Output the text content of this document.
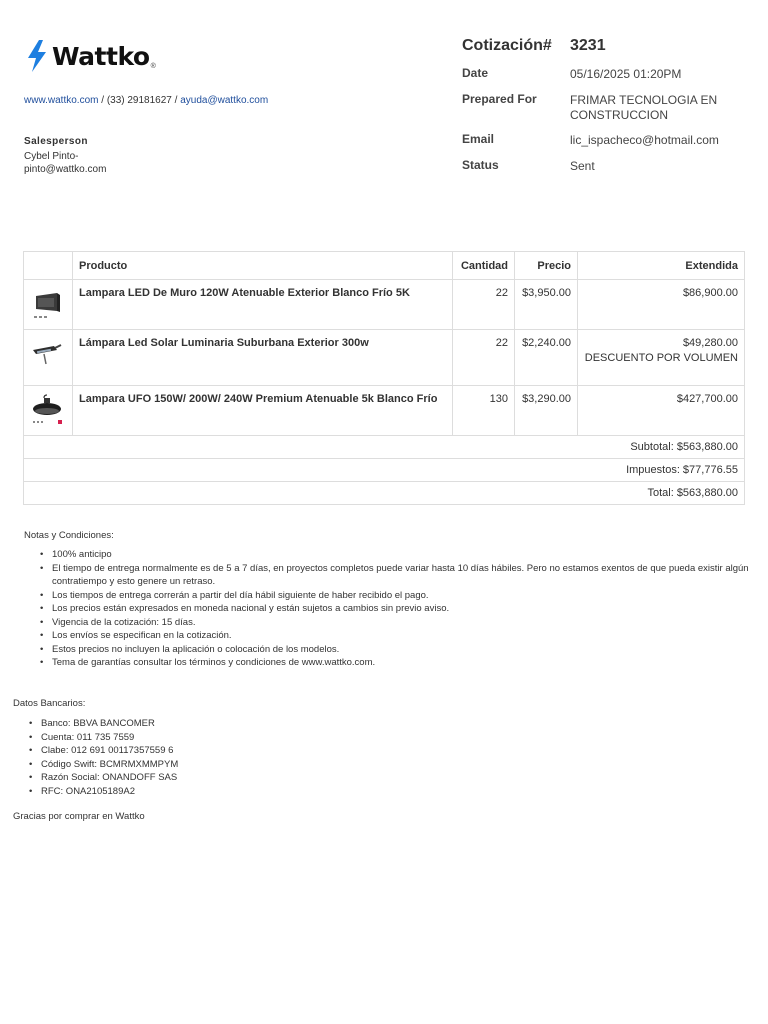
Wattko ®
www.wattko.com / (33) 29181627 / ayuda@wattko.com
Salesperson
Cybel Pinto-pinto@wattko.com
Cotización# 3231
Date	05/16/2025 01:20PM
Prepared For	FRIMAR TECNOLOGIA EN CONSTRUCCION
Email	lic_ispacheco@hotmail.com
Status	Sent
	Producto	Cantidad	Precio	Extendida
	Lampara LED De Muro 120W Atenuable Exterior Blanco Frío 5K	22	$3,950.00	$86,900.00

	Lámpara Led Solar Luminaria Suburbana Exterior 300w	22	$2,240.00	$49,280.00
DESCUENTO POR VOLUMEN

	Lampara UFO 150W/ 200W/ 240W Premium Atenuable 5k Blanco Frío	130	$3,290.00	$427,700.00

Subtotal: $563,880.00				
Impuestos: $77,776.55				
Total: $563,880.00				
Notas y Condiciones:
• 100% anticipo
• El tiempo de entrega normalmente es de 5 a 7 días, en proyectos completos puede variar hasta 10 días hábiles. Pero no estamos exentos de que pueda existir algún contratiempo y esto genere un retraso.
• Los tiempos de entrega correrán a partir del día hábil siguiente de haber recibido el pago.
• Los precios están expresados en moneda nacional y están sujetos a cambios sin previo aviso.
• Vigencia de la cotización: 15 días.
• Los envíos se especifican en la cotización.
• Estos precios no incluyen la aplicación o colocación de los modelos.
• Tema de garantías consultar los términos y condiciones de www.wattko.com.
Datos Bancarios:
• Banco: BBVA BANCOMER
• Cuenta: 011 735 7559
• Clabe: 012 691 00117357559 6
• Código Swift: BCMRMXMMPYM
• Razón Social: ONANDOFF SAS
• RFC: ONA2105189A2
Gracias por comprar en Wattko
